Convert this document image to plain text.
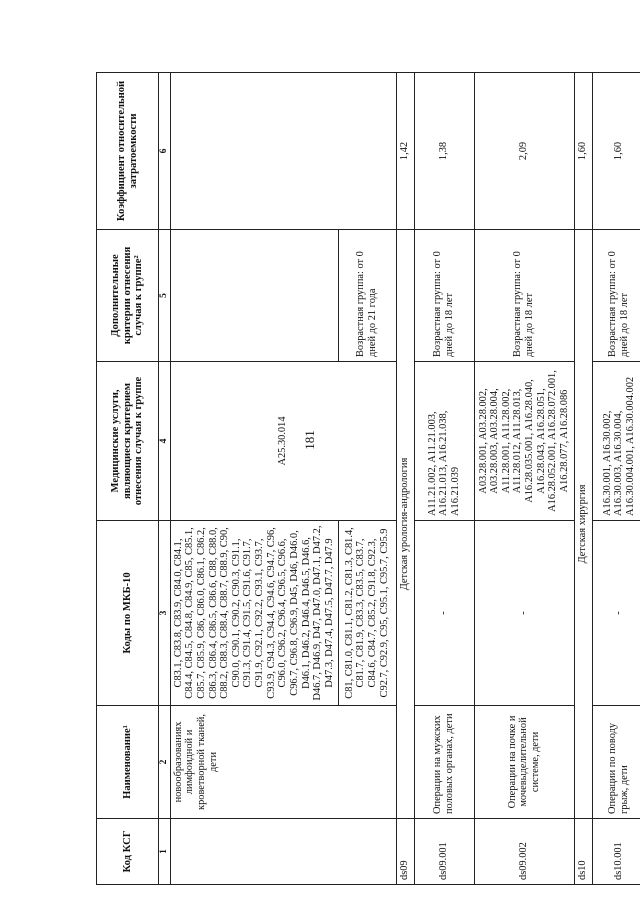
181
Код КСГ	Наименование¹	Коды по МКБ-10	Медицинские услуги, являющиеся критерием отнесения случая к группе	Дополнительные критерии отнесения случая к группе²	Коэффициент относительной затратоемкости
1	2	3	4	5	6
	новообразованиях лимфоидной и кроветворной тканей, дети	C83.1, C83.8, C83.9, C84.0, C84.1, C84.4, C84.5, C84.8, C84.9, C85, C85.1, C85.7, C85.9, C86, C86.0, C86.1, C86.2, C86.3, C86.4, C86.5, C86.6, C88, C88.0, C88.2, C88.3, C88.4, C88.7, C88.9, C90, C90.0, C90.1, C90.2, C90.3, C91.1, C91.3, C91.4, C91.5, C91.6, C91.7, C91.9, C92.1, C92.2, C93.1, C93.7, C93.9, C94.3, C94.4, C94.6, C94.7, C96, C96.0, C96.2, C96.4, C96.5, C96.6, C96.7, C96.8, C96.9, D45, D46, D46.0, D46.1, D46.2, D46.4, D46.5, D46.6, D46.7, D46.9, D47, D47.0, D47.1, D47.2, D47.3, D47.4, D47.5, D47.7, D47.9	A25.30.014		
		C81, C81.0, C81.1, C81.2, C81.3, C81.4, C81.7, C81.9, C83.3, C83.5, C83.7, C84.6, C84.7, C85.2, C91.8, C92.3, C92.7, C92.9, C95, C95.1, C95.7, C95.9		Возрастная группа: от 0 дней до 21 года	
ds09	Детская урология-андрология				1,42
ds09.001	Операции на мужских половых органах, дети	-	A11.21.002, A11.21.003, A16.21.013, A16.21.038, A16.21.039	Возрастная группа: от 0 дней до 18 лет	1,38
ds09.002	Операции на почке и мочевыделительной системе, дети	-	A03.28.001, A03.28.002, A03.28.003, A03.28.004, A11.28.001, A11.28.002, A11.28.012, A11.28.013, A16.28.035.001, A16.28.040, A16.28.043, A16.28.051, A16.28.052.001, A16.28.072.001, A16.28.077, A16.28.086	Возрастная группа: от 0 дней до 18 лет	2,09
ds10	Детская хирургия				1,60
ds10.001	Операции по поводу грыж, дети	-	A16.30.001, A16.30.002, A16.30.003, A16.30.004, A16.30.004.001, A16.30.004.002	Возрастная группа: от 0 дней до 18 лет	1,60
